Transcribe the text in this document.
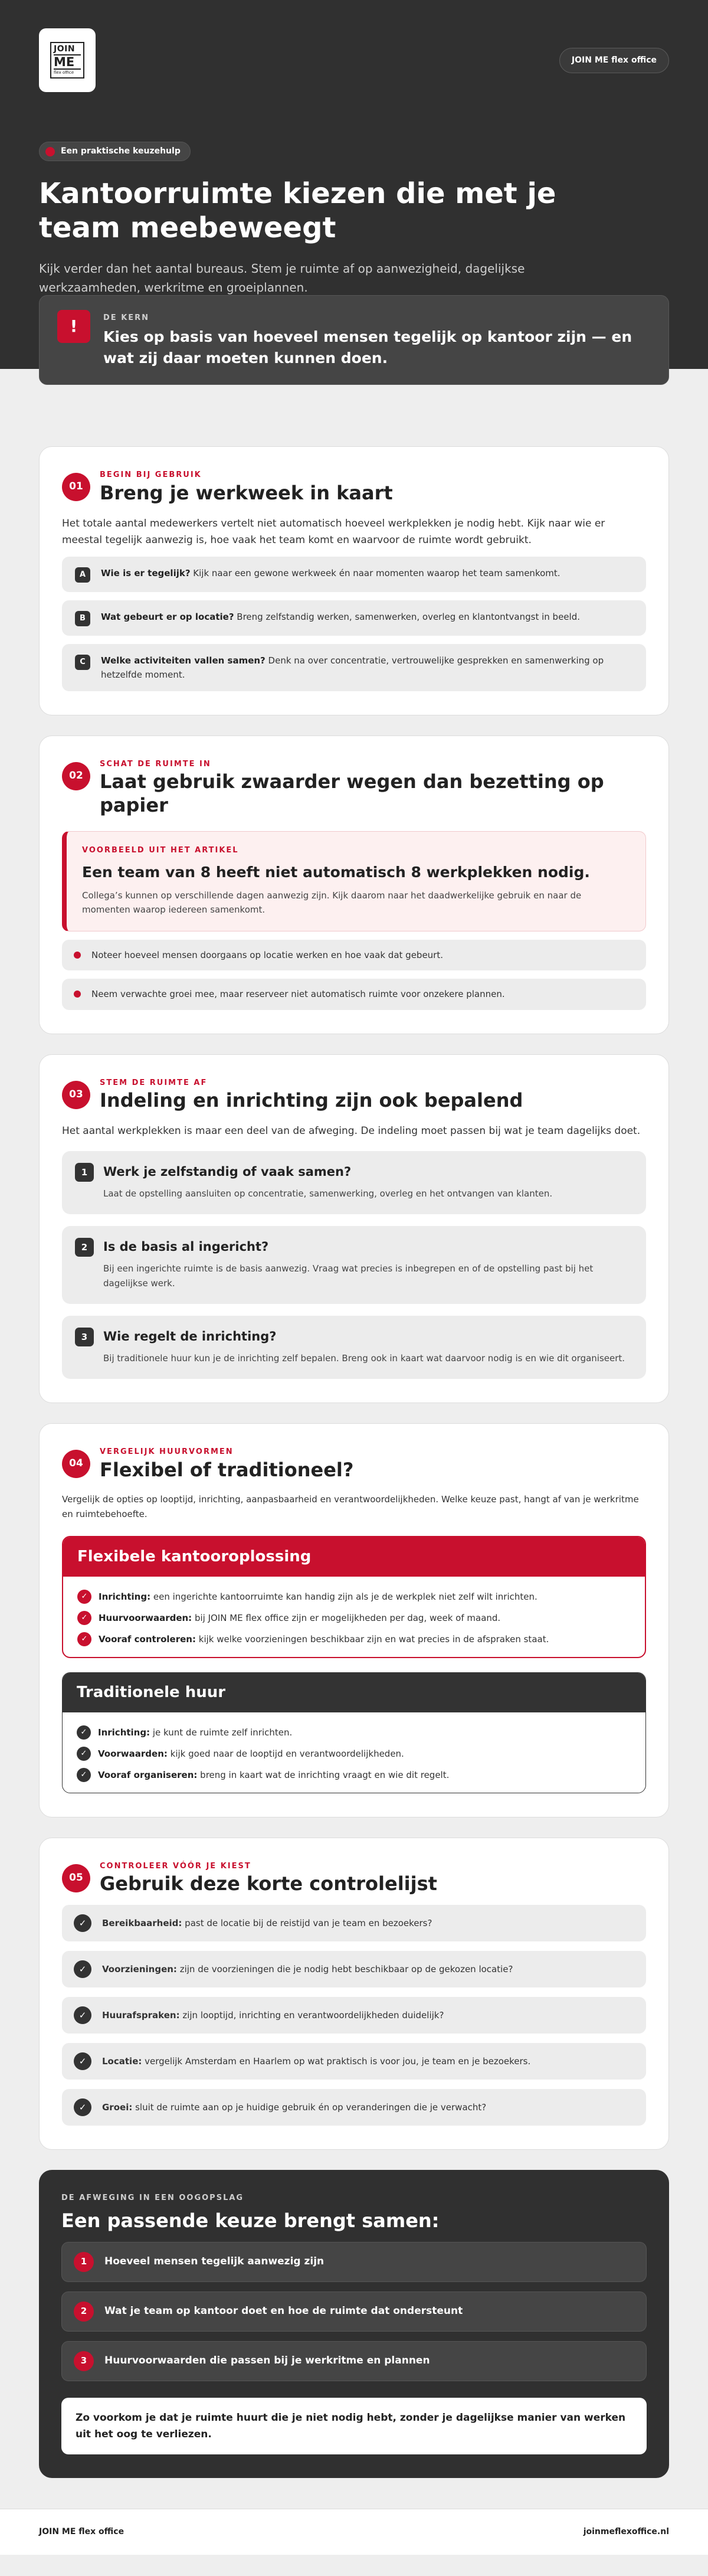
JOIN
ME
flex office
JOIN ME flex office
Een praktische keuzehulp
Kantoorruimte kiezen die met je team meebeweegt

Kijk verder dan het aantal bureaus. Stem je ruimte af op aanwezigheid, dagelijkse werkzaamheden, werkritme en groeiplannen.

!	DE KERN
Kies op basis van hoeveel mensen tegelijk op kantoor zijn — en wat zij daar moeten kunnen doen.
01
BEGIN BIJ GEBRUIK
Breng je werkweek in kaart

Het totale aantal medewerkers vertelt niet automatisch hoeveel werkplekken je nodig hebt. Kijk naar wie er meestal tegelijk aanwezig is, hoe vaak het team komt en waarvoor de ruimte wordt gebruikt.

A	Wie is er tegelijk? Kijk naar een gewone werkweek én naar momenten waarop het team samenkomt.
B	Wat gebeurt er op locatie? Breng zelfstandig werken, samenwerken, overleg en klantontvangst in beeld.
C	Welke activiteiten vallen samen? Denk na over concentratie, vertrouwelijke gesprekken en samenwerking op hetzelfde moment.
02
SCHAT DE RUIMTE IN
Laat gebruik zwaarder wegen dan bezetting op papier
VOORBEELD UIT HET ARTIKEL
Een team van 8 heeft niet automatisch 8 werkplekken nodig.
Collega’s kunnen op verschillende dagen aanwezig zijn. Kijk daarom naar het daadwerkelijke gebruik en naar de momenten waarop iedereen samenkomt.
Noteer hoeveel mensen doorgaans op locatie werken en hoe vaak dat gebeurt.
Neem verwachte groei mee, maar reserveer niet automatisch ruimte voor onzekere plannen.
03
STEM DE RUIMTE AF
Indeling en inrichting zijn ook bepalend

Het aantal werkplekken is maar een deel van de afweging. De indeling moet passen bij wat je team dagelijks doet.

1	Werk je zelfstandig of vaak samen?

Laat de opstelling aansluiten op concentratie, samenwerking, overleg en het ontvangen van klanten.

2	Is de basis al ingericht?

Bij een ingerichte ruimte is de basis aanwezig. Vraag wat precies is inbegrepen en of de opstelling past bij het dagelijkse werk.

3	Wie regelt de inrichting?

Bij traditionele huur kun je de inrichting zelf bepalen. Breng ook in kaart wat daarvoor nodig is en wie dit organiseert.

04
VERGELIJK HUURVORMEN
Flexibel of traditioneel?

Vergelijk de opties op looptijd, inrichting, aanpasbaarheid en verantwoordelijkheden. Welke keuze past, hangt af van je werkritme en ruimtebehoefte.

Flexibele kantooroplossing
✓	Inrichting: een ingerichte kantoorruimte kan handig zijn als je de werkplek niet zelf wilt inrichten.
✓	Huurvoorwaarden: bij JOIN ME flex office zijn er mogelijkheden per dag, week of maand.
✓	Vooraf controleren: kijk welke voorzieningen beschikbaar zijn en wat precies in de afspraken staat.
Traditionele huur
✓	Inrichting: je kunt de ruimte zelf inrichten.
✓	Voorwaarden: kijk goed naar de looptijd en verantwoordelijkheden.
✓	Vooraf organiseren: breng in kaart wat de inrichting vraagt en wie dit regelt.
05
CONTROLEER VÓÓR JE KIEST
Gebruik deze korte controlelijst
✓	Bereikbaarheid: past de locatie bij de reistijd van je team en bezoekers?
✓	Voorzieningen: zijn de voorzieningen die je nodig hebt beschikbaar op de gekozen locatie?
✓	Huurafspraken: zijn looptijd, inrichting en verantwoordelijkheden duidelijk?
✓	Locatie: vergelijk Amsterdam en Haarlem op wat praktisch is voor jou, je team en je bezoekers.
✓	Groei: sluit de ruimte aan op je huidige gebruik én op veranderingen die je verwacht?
DE AFWEGING IN EEN OOGOPSLAG
Een passende keuze brengt samen:
1	Hoeveel mensen tegelijk aanwezig zijn
2	Wat je team op kantoor doet en hoe de ruimte dat ondersteunt
3	Huurvoorwaarden die passen bij je werkritme en plannen
Zo voorkom je dat je ruimte huurt die je niet nodig hebt, zonder je dagelijkse manier van werken uit het oog te verliezen.
JOIN ME flex office	joinmeflexoffice.nl
